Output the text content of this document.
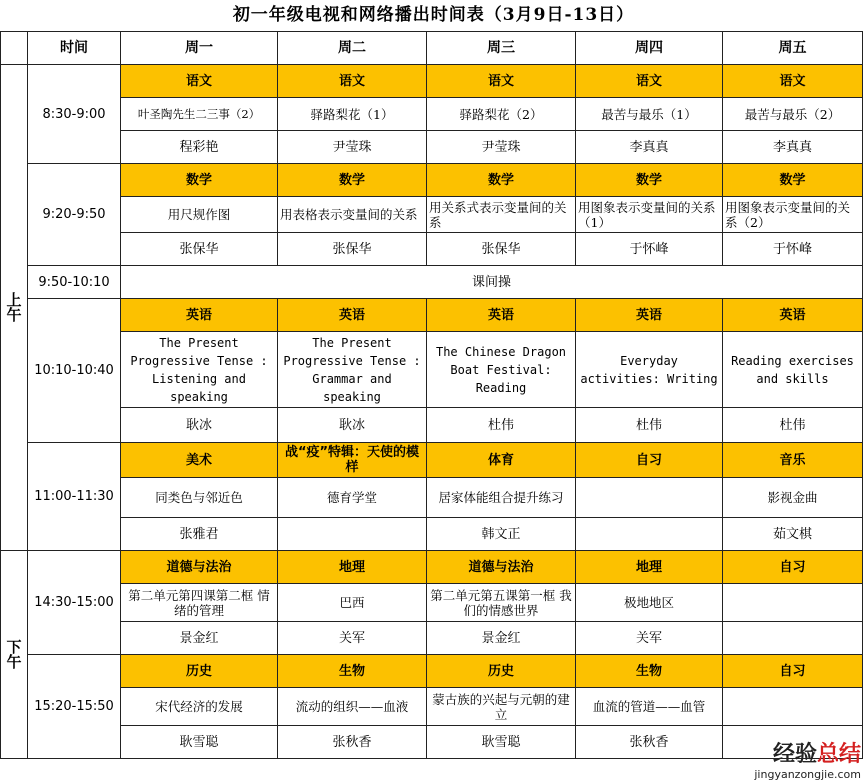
初一年级电视和网络播出时间表（3月9日-13日）
	时间	周一	周二	周三	周四	周五
上午	8:30-9:00	语文	语文	语文	语文	语文
		叶圣陶先生二三事（2）	驿路梨花（1）	驿路梨花（2）	最苦与最乐（1）	最苦与最乐（2）
		程彩艳	尹莹珠	尹莹珠	李真真	李真真
	9:20-9:50	数学	数学	数学	数学	数学
		用尺规作图	用表格表示变量间的关系	用关系式表示变量间的关系	用图象表示变量间的关系（1）	用图象表示变量间的关系（2）
		张保华	张保华	张保华	于怀峰	于怀峰
	9:50-10:10	课间操				
	10:10-10:40	英语	英语	英语	英语	英语
		The Present Progressive Tense : Listening and speaking	The Present Progressive Tense : Grammar and speaking	The Chinese Dragon Boat Festival: Reading	Everyday activities: Writing	Reading exercises and skills
		耿冰	耿冰	杜伟	杜伟	杜伟
	11:00-11:30	美术	战“疫”特辑：天使的模样	体育	自习	音乐
		同类色与邻近色	德育学堂	居家体能组合提升练习		影视金曲
		张雅君		韩文正		茹文棋
下午	14:30-15:00	道德与法治	地理	道德与法治	地理	自习
		第二单元第四课第二框 情绪的管理	巴西	第二单元第五课第一框 我们的情感世界	极地地区	
		景金红	关军	景金红	关军	
	15:20-15:50	历史	生物	历史	生物	自习
		宋代经济的发展	流动的组织——血液	蒙古族的兴起与元朝的建立	血流的管道——血管	
		耿雪聪	张秋香	耿雪聪	张秋香		经验总结
jingyanzongjie.com
